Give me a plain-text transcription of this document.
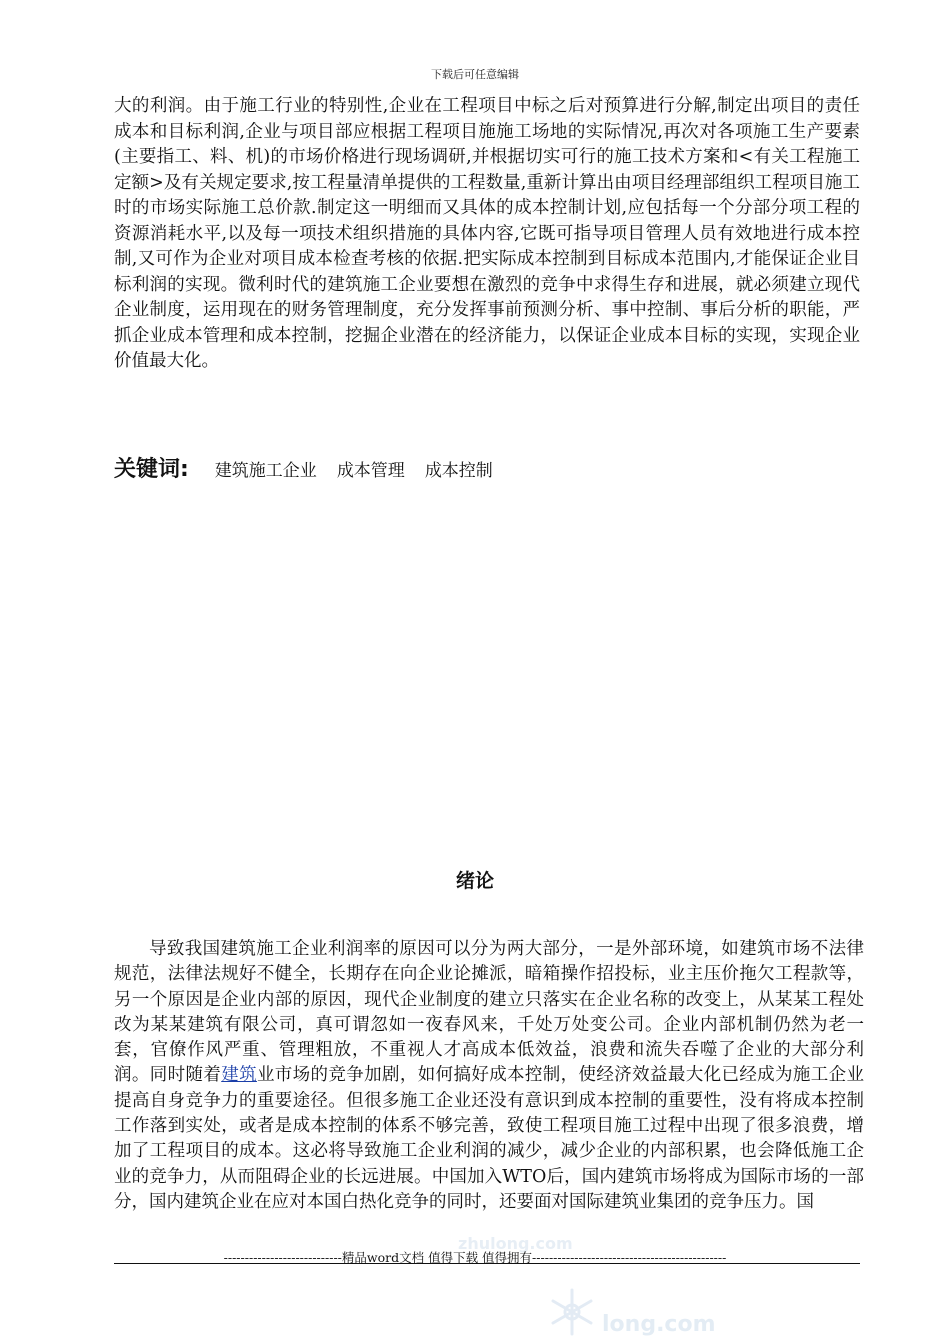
下载后可任意编辑

大的利润。由于施工行业的特别性,企业在工程项目中标之后对预算进行分解,制定出项目的责任成本和目标利润,企业与项目部应根据工程项目施施工场地的实际情况,再次对各项施工生产要素(主要指工、料、机)的市场价格进行现场调研,并根据切实可行的施工技术方案和<有关工程施工定额>及有关规定要求,按工程量清单提供的工程数量,重新计算出由项目经理部组织工程项目施工时的市场实际施工总价款.制定这一明细而又具体的成本控制计划,应包括每一个分部分项工程的资源消耗水平,以及每一项技术组织措施的具体内容,它既可指导项目管理人员有效地进行成本控制,又可作为企业对项目成本检查考核的依据.把实际成本控制到目标成本范围内,才能保证企业目标利润的实现。微利时代的建筑施工企业要想在激烈的竞争中求得生存和进展，就必须建立现代企业制度，运用现在的财务管理制度，充分发挥事前预测分析、事中控制、事后分析的职能，严抓企业成本管理和成本控制，挖掘企业潜在的经济能力，以保证企业成本目标的实现，实现企业价值最大化。

关键词: 建筑施工企业 成本管理 成本控制
绪论

导致我国建筑施工企业利润率的原因可以分为两大部分，一是外部环境，如建筑市场不法律规范，法律法规好不健全，长期存在向企业论摊派，暗箱操作招投标，业主压价拖欠工程款等，另一个原因是企业内部的原因，现代企业制度的建立只落实在企业名称的改变上，从某某工程处改为某某建筑有限公司，真可谓忽如一夜春风来，千处万处变公司。企业内部机制仍然为老一套，官僚作风严重、管理粗放，不重视人才高成本低效益，浪费和流失吞噬了企业的大部分利润。同时随着建筑业市场的竞争加剧，如何搞好成本控制，使经济效益最大化已经成为施工企业提高自身竞争力的重要途径。但很多施工企业还没有意识到成本控制的重要性，没有将成本控制工作落到实处，或者是成本控制的体系不够完善，致使工程项目施工过程中出现了很多浪费，增加了工程项目的成本。这必将导致施工企业利润的减少，减少企业的内部积累，也会降低施工企业的竞争力，从而阻碍企业的长远进展。中国加入WTO后，国内建筑市场将成为国际市场的一部分，国内建筑企业在应对本国白热化竞争的同时，还要面对国际建筑业集团的竞争压力。国

zhulong.com
long.com
----------------------------精品word文档 值得下载 值得拥有----------------------------------------------
